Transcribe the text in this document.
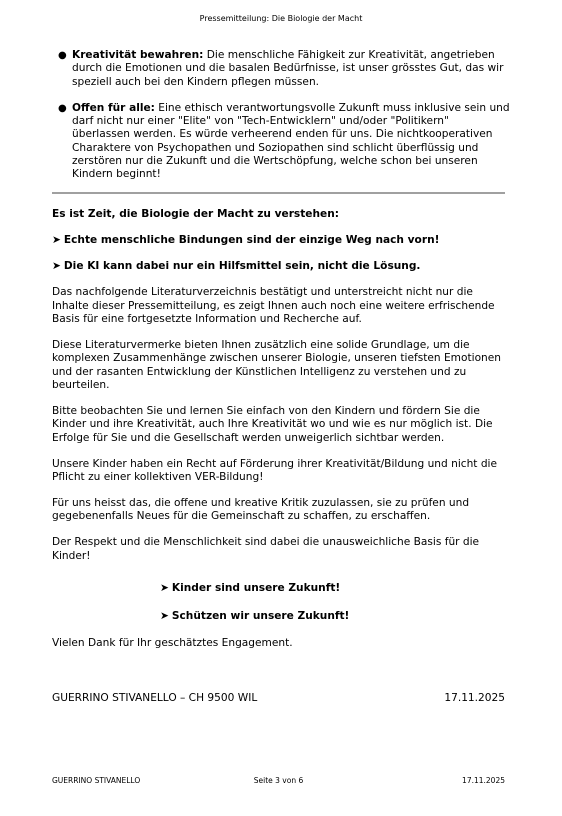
Pressemitteilung: Die Biologie der Macht
● Kreativität bewahren: Die menschliche Fähigkeit zur Kreativität, angetrieben durch die Emotionen und die basalen Bedürfnisse, ist unser grösstes Gut, das wir speziell auch bei den Kindern pflegen müssen.
● Offen für alle: Eine ethisch verantwortungsvolle Zukunft muss inklusive sein und darf nicht nur einer "Elite" von "Tech-Entwicklern" und/oder "Politikern" überlassen werden. Es würde verheerend enden für uns. Die nichtkooperativen Charaktere von Psychopathen und Soziopathen sind schlicht überflüssig und zerstören nur die Zukunft und die Wertschöpfung, welche schon bei unseren Kindern beginnt!

Es ist Zeit, die Biologie der Macht zu verstehen:

➤ Echte menschliche Bindungen sind der einzige Weg nach vorn!

➤ Die KI kann dabei nur ein Hilfsmittel sein, nicht die Lösung.

Das nachfolgende Literaturverzeichnis bestätigt und unterstreicht nicht nur die Inhalte dieser Pressemitteilung, es zeigt Ihnen auch noch eine weitere erfrischende Basis für eine fortgesetzte Information und Recherche auf.

Diese Literaturvermerke bieten Ihnen zusätzlich eine solide Grundlage, um die komplexen Zusammenhänge zwischen unserer Biologie, unseren tiefsten Emotionen und der rasanten Entwicklung der Künstlichen Intelligenz zu verstehen und zu beurteilen.

Bitte beobachten Sie und lernen Sie einfach von den Kindern und fördern Sie die Kinder und ihre Kreativität, auch Ihre Kreativität wo und wie es nur möglich ist. Die Erfolge für Sie und die Gesellschaft werden unweigerlich sichtbar werden.

Unsere Kinder haben ein Recht auf Förderung ihrer Kreativität/Bildung und nicht die Pflicht zu einer kollektiven VER-Bildung!

Für uns heisst das, die offene und kreative Kritik zuzulassen, sie zu prüfen und gegebenenfalls Neues für die Gemeinschaft zu schaffen, zu erschaffen.

Der Respekt und die Menschlichkeit sind dabei die unausweichliche Basis für die Kinder!

➤ Kinder sind unsere Zukunft!
➤ Schützen wir unsere Zukunft!
Vielen Dank für Ihr geschätztes Engagement.
GUERRINO STIVANELLO – CH 9500 WIL	17.11.2025
GUERRINO STIVANELLO	Seite 3 von 6	17.11.2025
